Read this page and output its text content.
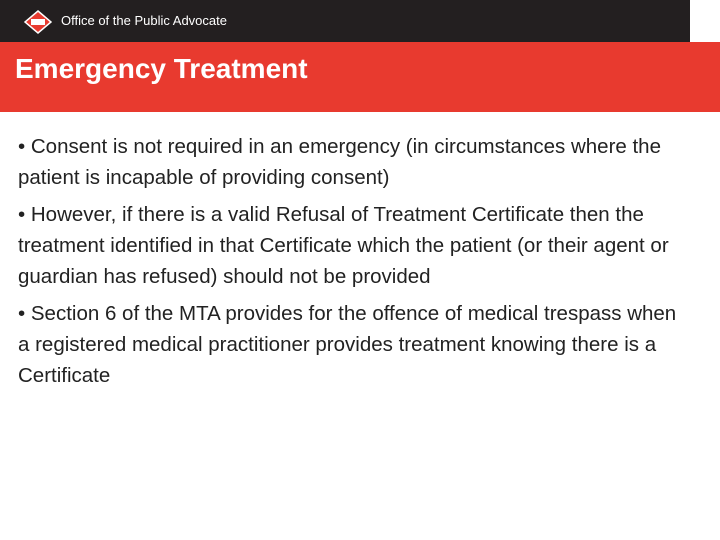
Office of the Public Advocate
Emergency Treatment

• Consent is not required in an emergency (in circumstances where the patient is incapable of providing consent)

• However, if there is a valid Refusal of Treatment Certificate then the treatment identified in that Certificate which the patient (or their agent or guardian has refused) should not be provided

• Section 6 of the MTA provides for the offence of medical trespass when a registered medical practitioner provides treatment knowing there is a Certificate
